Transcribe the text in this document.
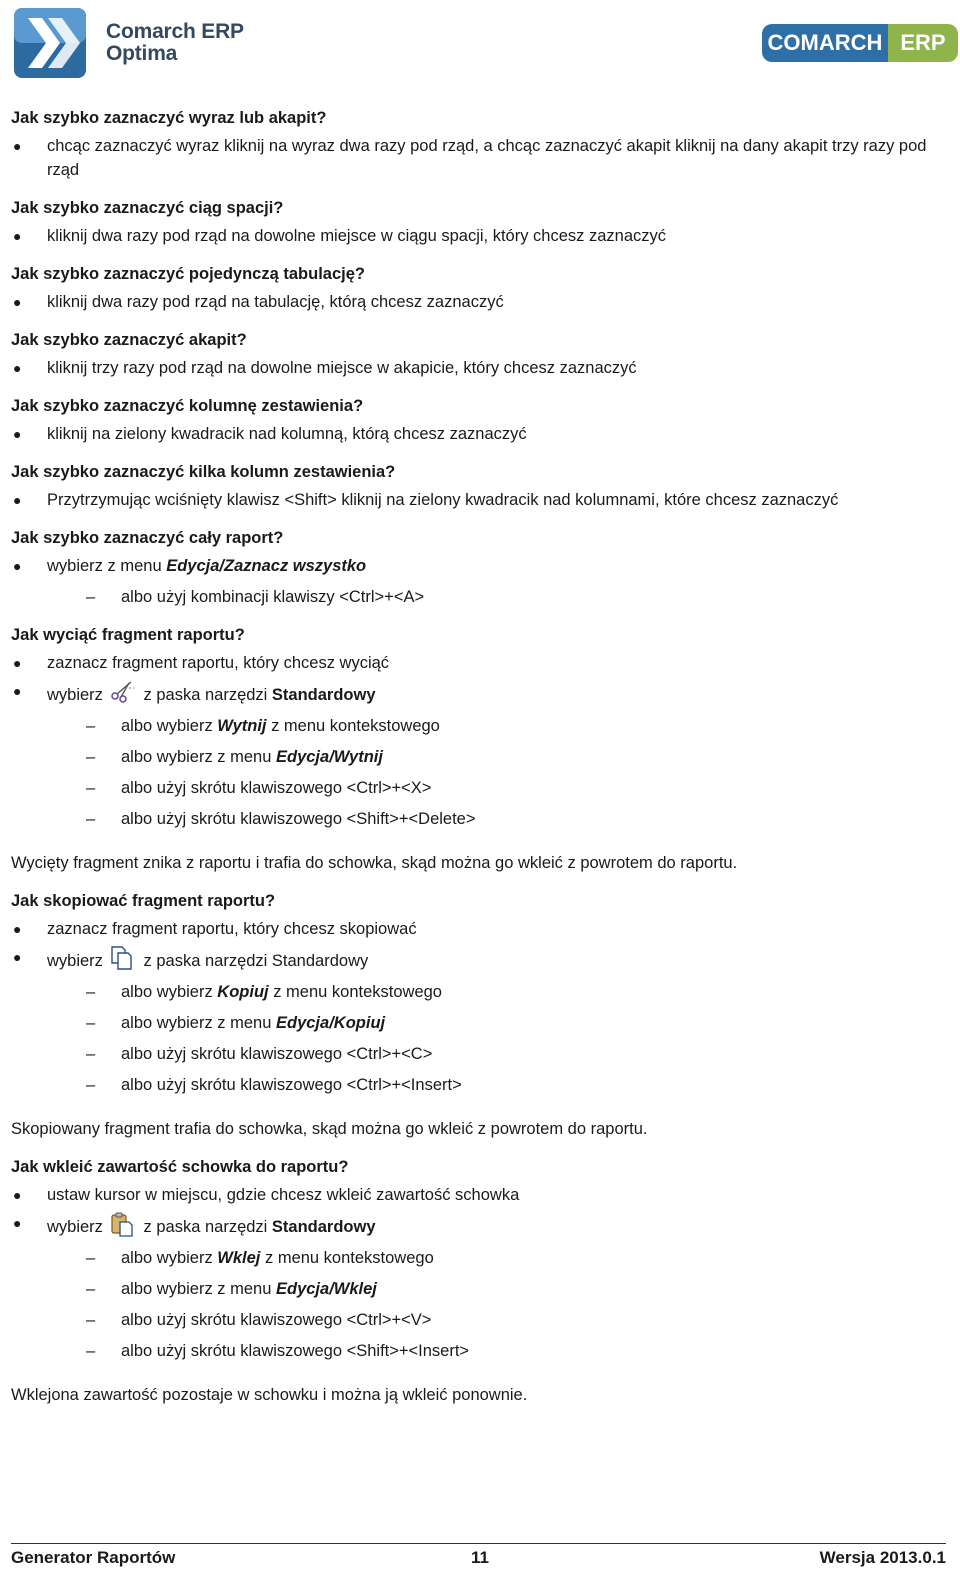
Comarch ERP
Optima	COMARCH ERP

Jak szybko zaznaczyć wyraz lub akapit?

● chcąc zaznaczyć wyraz kliknij na wyraz dwa razy pod rząd, a chcąc zaznaczyć akapit kliknij na dany akapit trzy razy pod rząd

Jak szybko zaznaczyć ciąg spacji?

● kliknij dwa razy pod rząd na dowolne miejsce w ciągu spacji, który chcesz zaznaczyć

Jak szybko zaznaczyć pojedynczą tabulację?

● kliknij dwa razy pod rząd na tabulację, którą chcesz zaznaczyć

Jak szybko zaznaczyć akapit?

● kliknij trzy razy pod rząd na dowolne miejsce w akapicie, który chcesz zaznaczyć

Jak szybko zaznaczyć kolumnę zestawienia?

● kliknij na zielony kwadracik nad kolumną, którą chcesz zaznaczyć

Jak szybko zaznaczyć kilka kolumn zestawienia?

● Przytrzymując wciśnięty klawisz <Shift> kliknij na zielony kwadracik nad kolumnami, które chcesz zaznaczyć

Jak szybko zaznaczyć cały raport?

● wybierz z menu Edycja/Zaznacz wszystko
– albo użyj kombinacji klawiszy <Ctrl>+<A>

Jak wyciąć fragment raportu?

● zaznacz fragment raportu, który chcesz wyciąć
● wybierz z paska narzędzi Standardowy
– albo wybierz Wytnij z menu kontekstowego
– albo wybierz z menu Edycja/Wytnij
– albo użyj skrótu klawiszowego <Ctrl>+<X>
– albo użyj skrótu klawiszowego <Shift>+<Delete>
Wycięty fragment znika z raportu i trafia do schowka, skąd można go wkleić z powrotem do raportu.

Jak skopiować fragment raportu?

● zaznacz fragment raportu, który chcesz skopiować
● wybierz z paska narzędzi Standardowy
– albo wybierz Kopiuj z menu kontekstowego
– albo wybierz z menu Edycja/Kopiuj
– albo użyj skrótu klawiszowego <Ctrl>+<C>
– albo użyj skrótu klawiszowego <Ctrl>+<Insert>
Skopiowany fragment trafia do schowka, skąd można go wkleić z powrotem do raportu.

Jak wkleić zawartość schowka do raportu?

● ustaw kursor w miejscu, gdzie chcesz wkleić zawartość schowka
● wybierz z paska narzędzi Standardowy
– albo wybierz Wklej z menu kontekstowego
– albo wybierz z menu Edycja/Wklej
– albo użyj skrótu klawiszowego <Ctrl>+<V>
– albo użyj skrótu klawiszowego <Shift>+<Insert>
Wklejona zawartość pozostaje w schowku i można ją wkleić ponownie.
Generator Raportów	11	Wersja 2013.0.1
